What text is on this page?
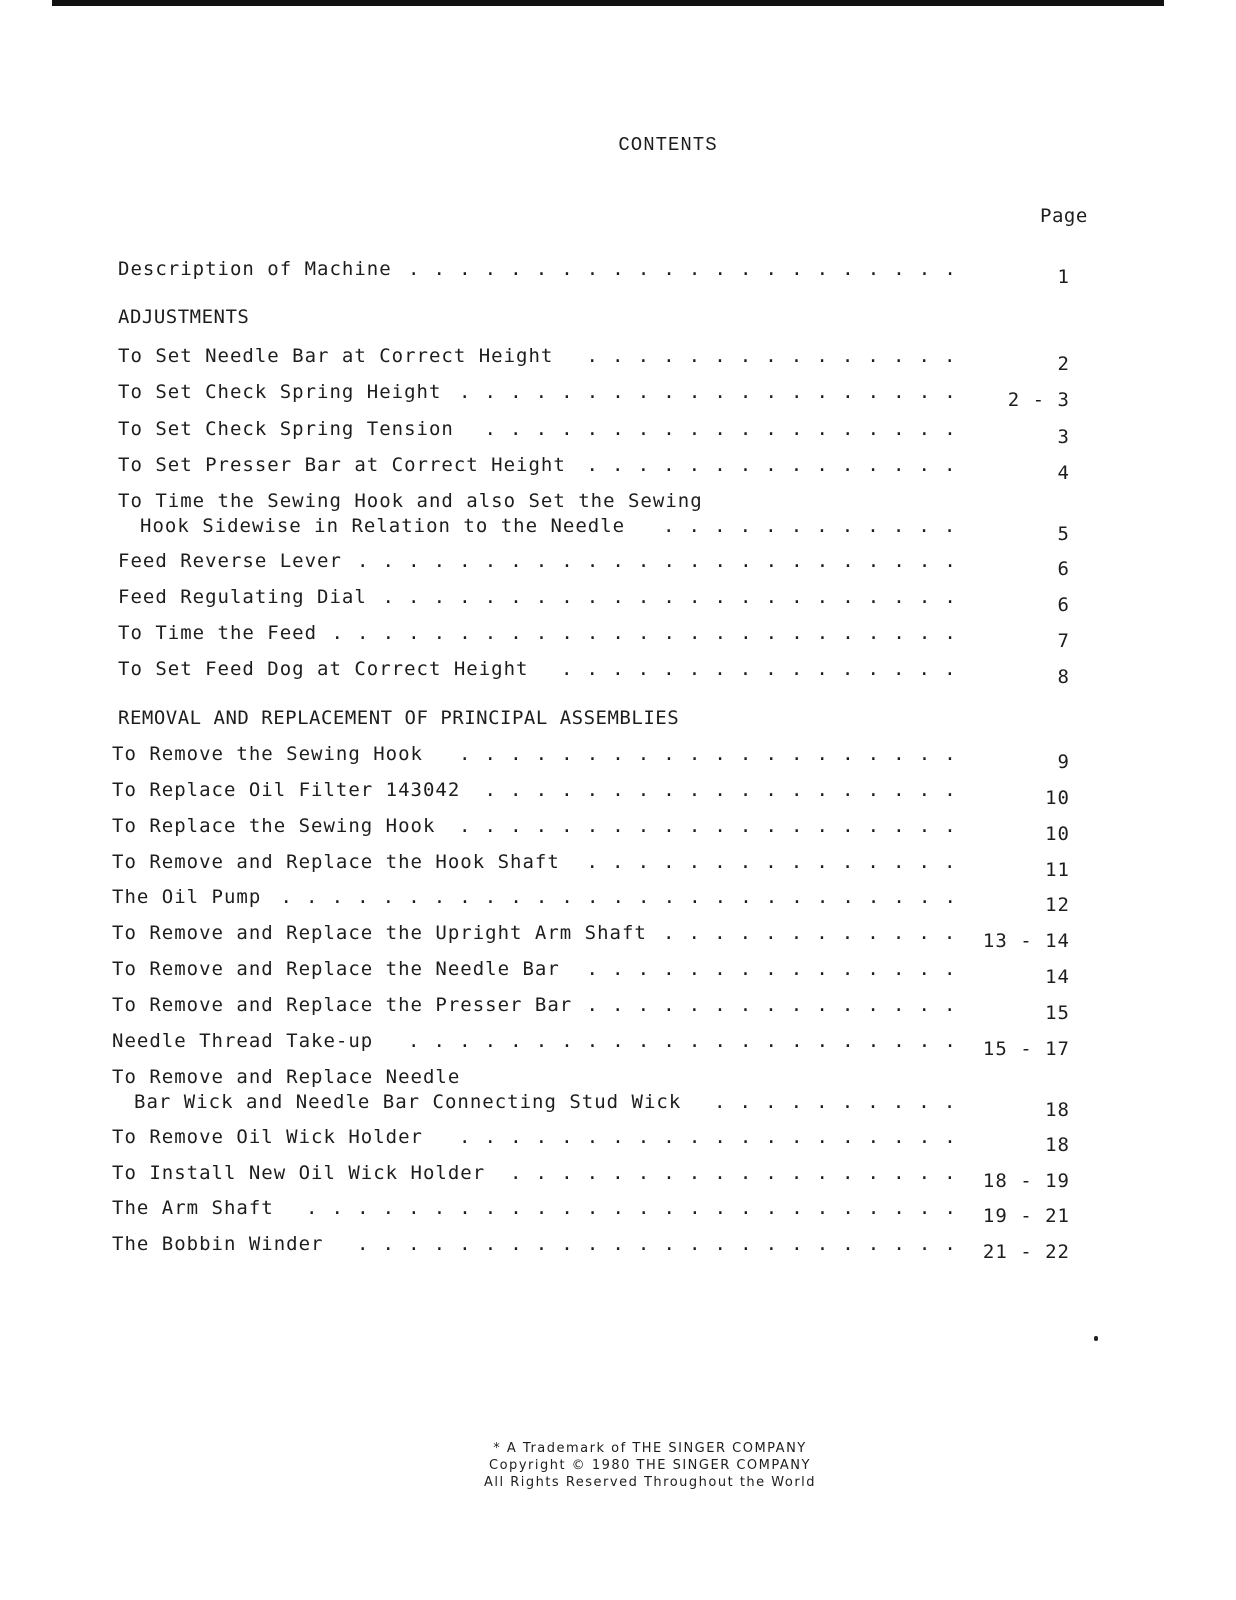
CONTENTS
Page
Description of Machine ......................	1
ADJUSTMENTS
To Set Needle Bar at Correct Height ...............	2
To Set Check Spring Height .................... 2 - 3
To Set Check Spring Tension ...................	3
To Set Presser Bar at Correct Height ...............	4
To Time the Sewing Hook and also Set the Sewing
Hook Sidewise in Relation to the Needle ............	5
Feed Reverse Lever ........................	6
Feed Regulating Dial .......................	6
To Time the Feed .........................	7
To Set Feed Dog at Correct Height ................	8
REMOVAL AND REPLACEMENT OF PRINCIPAL ASSEMBLIES
To Remove the Sewing Hook ....................	9
To Replace Oil Filter 143042 ...................	10
To Replace the Sewing Hook ....................	10
To Remove and Replace the Hook Shaft ...............	11
The Oil Pump ...........................	12
To Remove and Replace the Upright Arm Shaft ............ 13 - 14
To Remove and Replace the Needle Bar ...............	14
To Remove and Replace the Presser Bar ...............	15
Needle Thread Take-up ...................... 15 - 17
To Remove and Replace Needle
Bar Wick and Needle Bar Connecting Stud Wick ..........	18
To Remove Oil Wick Holder ....................	18
To Install New Oil Wick Holder .................. 18 - 19
The Arm Shaft .......................... 19 - 21
The Bobbin Winder ........................ 21 - 22
* A Trademark of THE SINGER COMPANY
Copyright © 1980 THE SINGER COMPANY
All Rights Reserved Throughout the World
